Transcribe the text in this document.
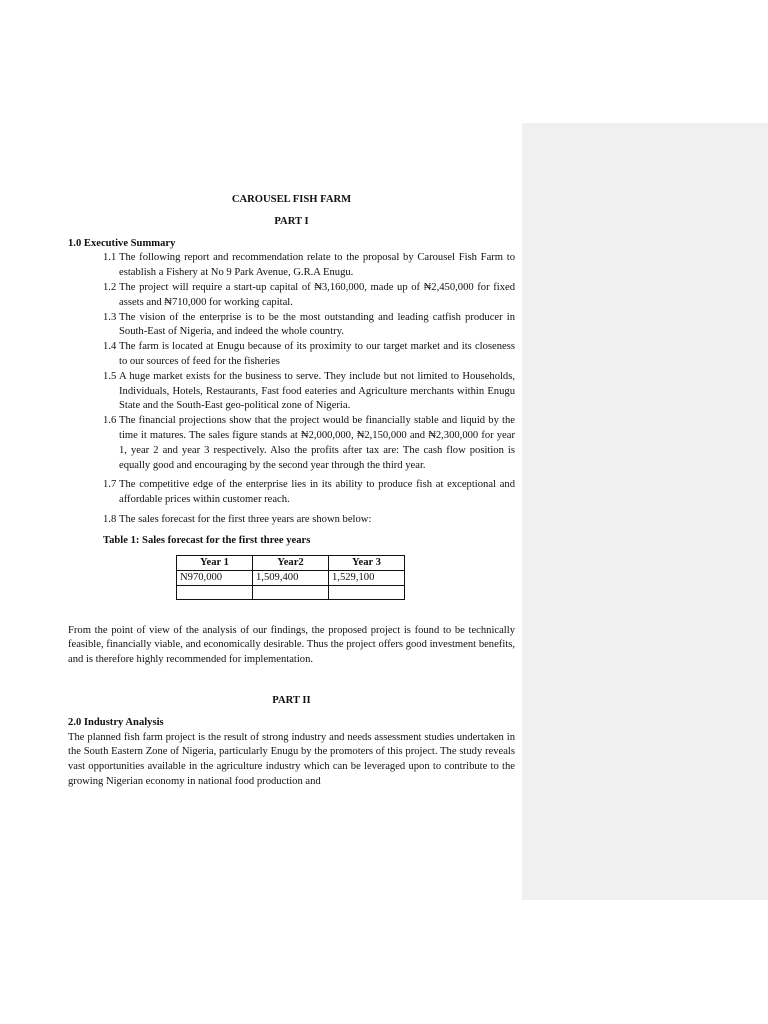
CAROUSEL FISH FARM
PART I
1.0 Executive Summary
1.1 The following report and recommendation relate to the proposal by Carousel Fish Farm to establish a Fishery at No 9 Park Avenue, G.R.A Enugu.
1.2 The project will require a start-up capital of ₦3,160,000, made up of ₦2,450,000 for fixed assets and ₦710,000 for working capital.
1.3 The vision of the enterprise is to be the most outstanding and leading catfish producer in South-East of Nigeria, and indeed the whole country.
1.4 The farm is located at Enugu because of its proximity to our target market and its closeness to our sources of feed for the fisheries
1.5 A huge market exists for the business to serve. They include but not limited to Households, Individuals, Hotels, Restaurants, Fast food eateries and Agriculture merchants within Enugu State and the South-East geo-political zone of Nigeria.
1.6 The financial projections show that the project would be financially stable and liquid by the time it matures. The sales figure stands at ₦2,000,000, ₦2,150,000 and ₦2,300,000 for year 1, year 2 and year 3 respectively. Also the profits after tax are: The cash flow position is equally good and encouraging by the second year through the third year.
1.7 The competitive edge of the enterprise lies in its ability to produce fish at exceptional and affordable prices within customer reach.
1.8 The sales forecast for the first three years are shown below:
Table 1: Sales forecast for the first three years
Year 1	Year2	Year 3
N970,000	1,509,400	1,529,100

From the point of view of the analysis of our findings, the proposed project is found to be technically feasible, financially viable, and economically desirable. Thus the project offers good investment benefits, and is therefore highly recommended for implementation.

PART II
2.0 Industry Analysis

The planned fish farm project is the result of strong industry and needs assessment studies undertaken in the South Eastern Zone of Nigeria, particularly Enugu by the promoters of this project. The study reveals vast opportunities available in the agriculture industry which can be leveraged upon to contribute to the growing Nigerian economy in national food production and
